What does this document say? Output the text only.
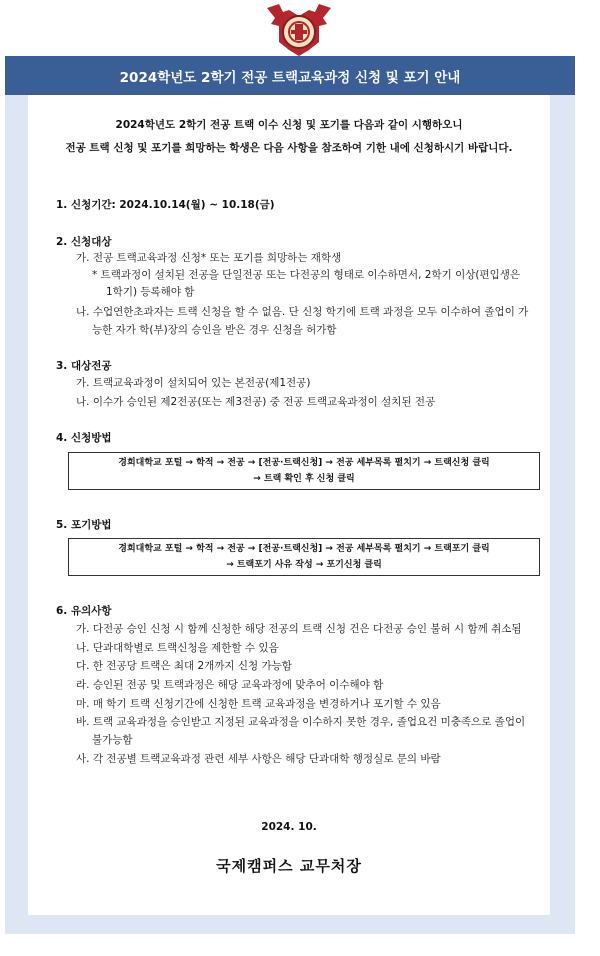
2024학년도 2학기 전공 트랙교육과정 신청 및 포기 안내
2024학년도 2학기 전공 트랙 이수 신청 및 포기를 다음과 같이 시행하오니
전공 트랙 신청 및 포기를 희망하는 학생은 다음 사항을 참조하여 기한 내에 신청하시기 바랍니다.
1. 신청기간: 2024.10.14(월) ~ 10.18(금)
2. 신청대상
가. 전공 트랙교육과정 신청* 또는 포기를 희망하는 재학생
* 트랙과정이 설치된 전공을 단일전공 또는 다전공의 형태로 이수하면서, 2학기 이상(편입생은
1학기) 등록해야 함
나. 수업연한초과자는 트랙 신청을 할 수 없음. 단 신청 학기에 트랙 과정을 모두 이수하여 졸업이 가
능한 자가 학(부)장의 승인을 받은 경우 신청을 허가함
3. 대상전공
가. 트랙교육과정이 설치되어 있는 본전공(제1전공)
나. 이수가 승인된 제2전공(또는 제3전공) 중 전공 트랙교육과정이 설치된 전공
4. 신청방법
경희대학교 포털 → 학적 → 전공 → [전공·트랙신청] → 전공 세부목록 펼치기 → 트랙신청 클릭
→ 트랙 확인 후 신청 클릭
5. 포기방법
경희대학교 포털 → 학적 → 전공 → [전공·트랙신청] → 전공 세부목록 펼치기 → 트랙포기 클릭
→ 트랙포기 사유 작성 → 포기신청 클릭
6. 유의사항
가. 다전공 승인 신청 시 함께 신청한 해당 전공의 트랙 신청 건은 다전공 승인 불허 시 함께 취소됨
나. 단과대학별로 트랙신청을 제한할 수 있음
다. 한 전공당 트랙은 최대 2개까지 신청 가능함
라. 승인된 전공 및 트랙과정은 해당 교육과정에 맞추어 이수해야 함
마. 매 학기 트랙 신청기간에 신청한 트랙 교육과정을 변경하거나 포기할 수 있음
바. 트랙 교육과정을 승인받고 지정된 교육과정을 이수하지 못한 경우, 졸업요건 미충족으로 졸업이
불가능함
사. 각 전공별 트랙교육과정 관련 세부 사항은 해당 단과대학 행정실로 문의 바람
2024. 10.
국제캠퍼스 교무처장
